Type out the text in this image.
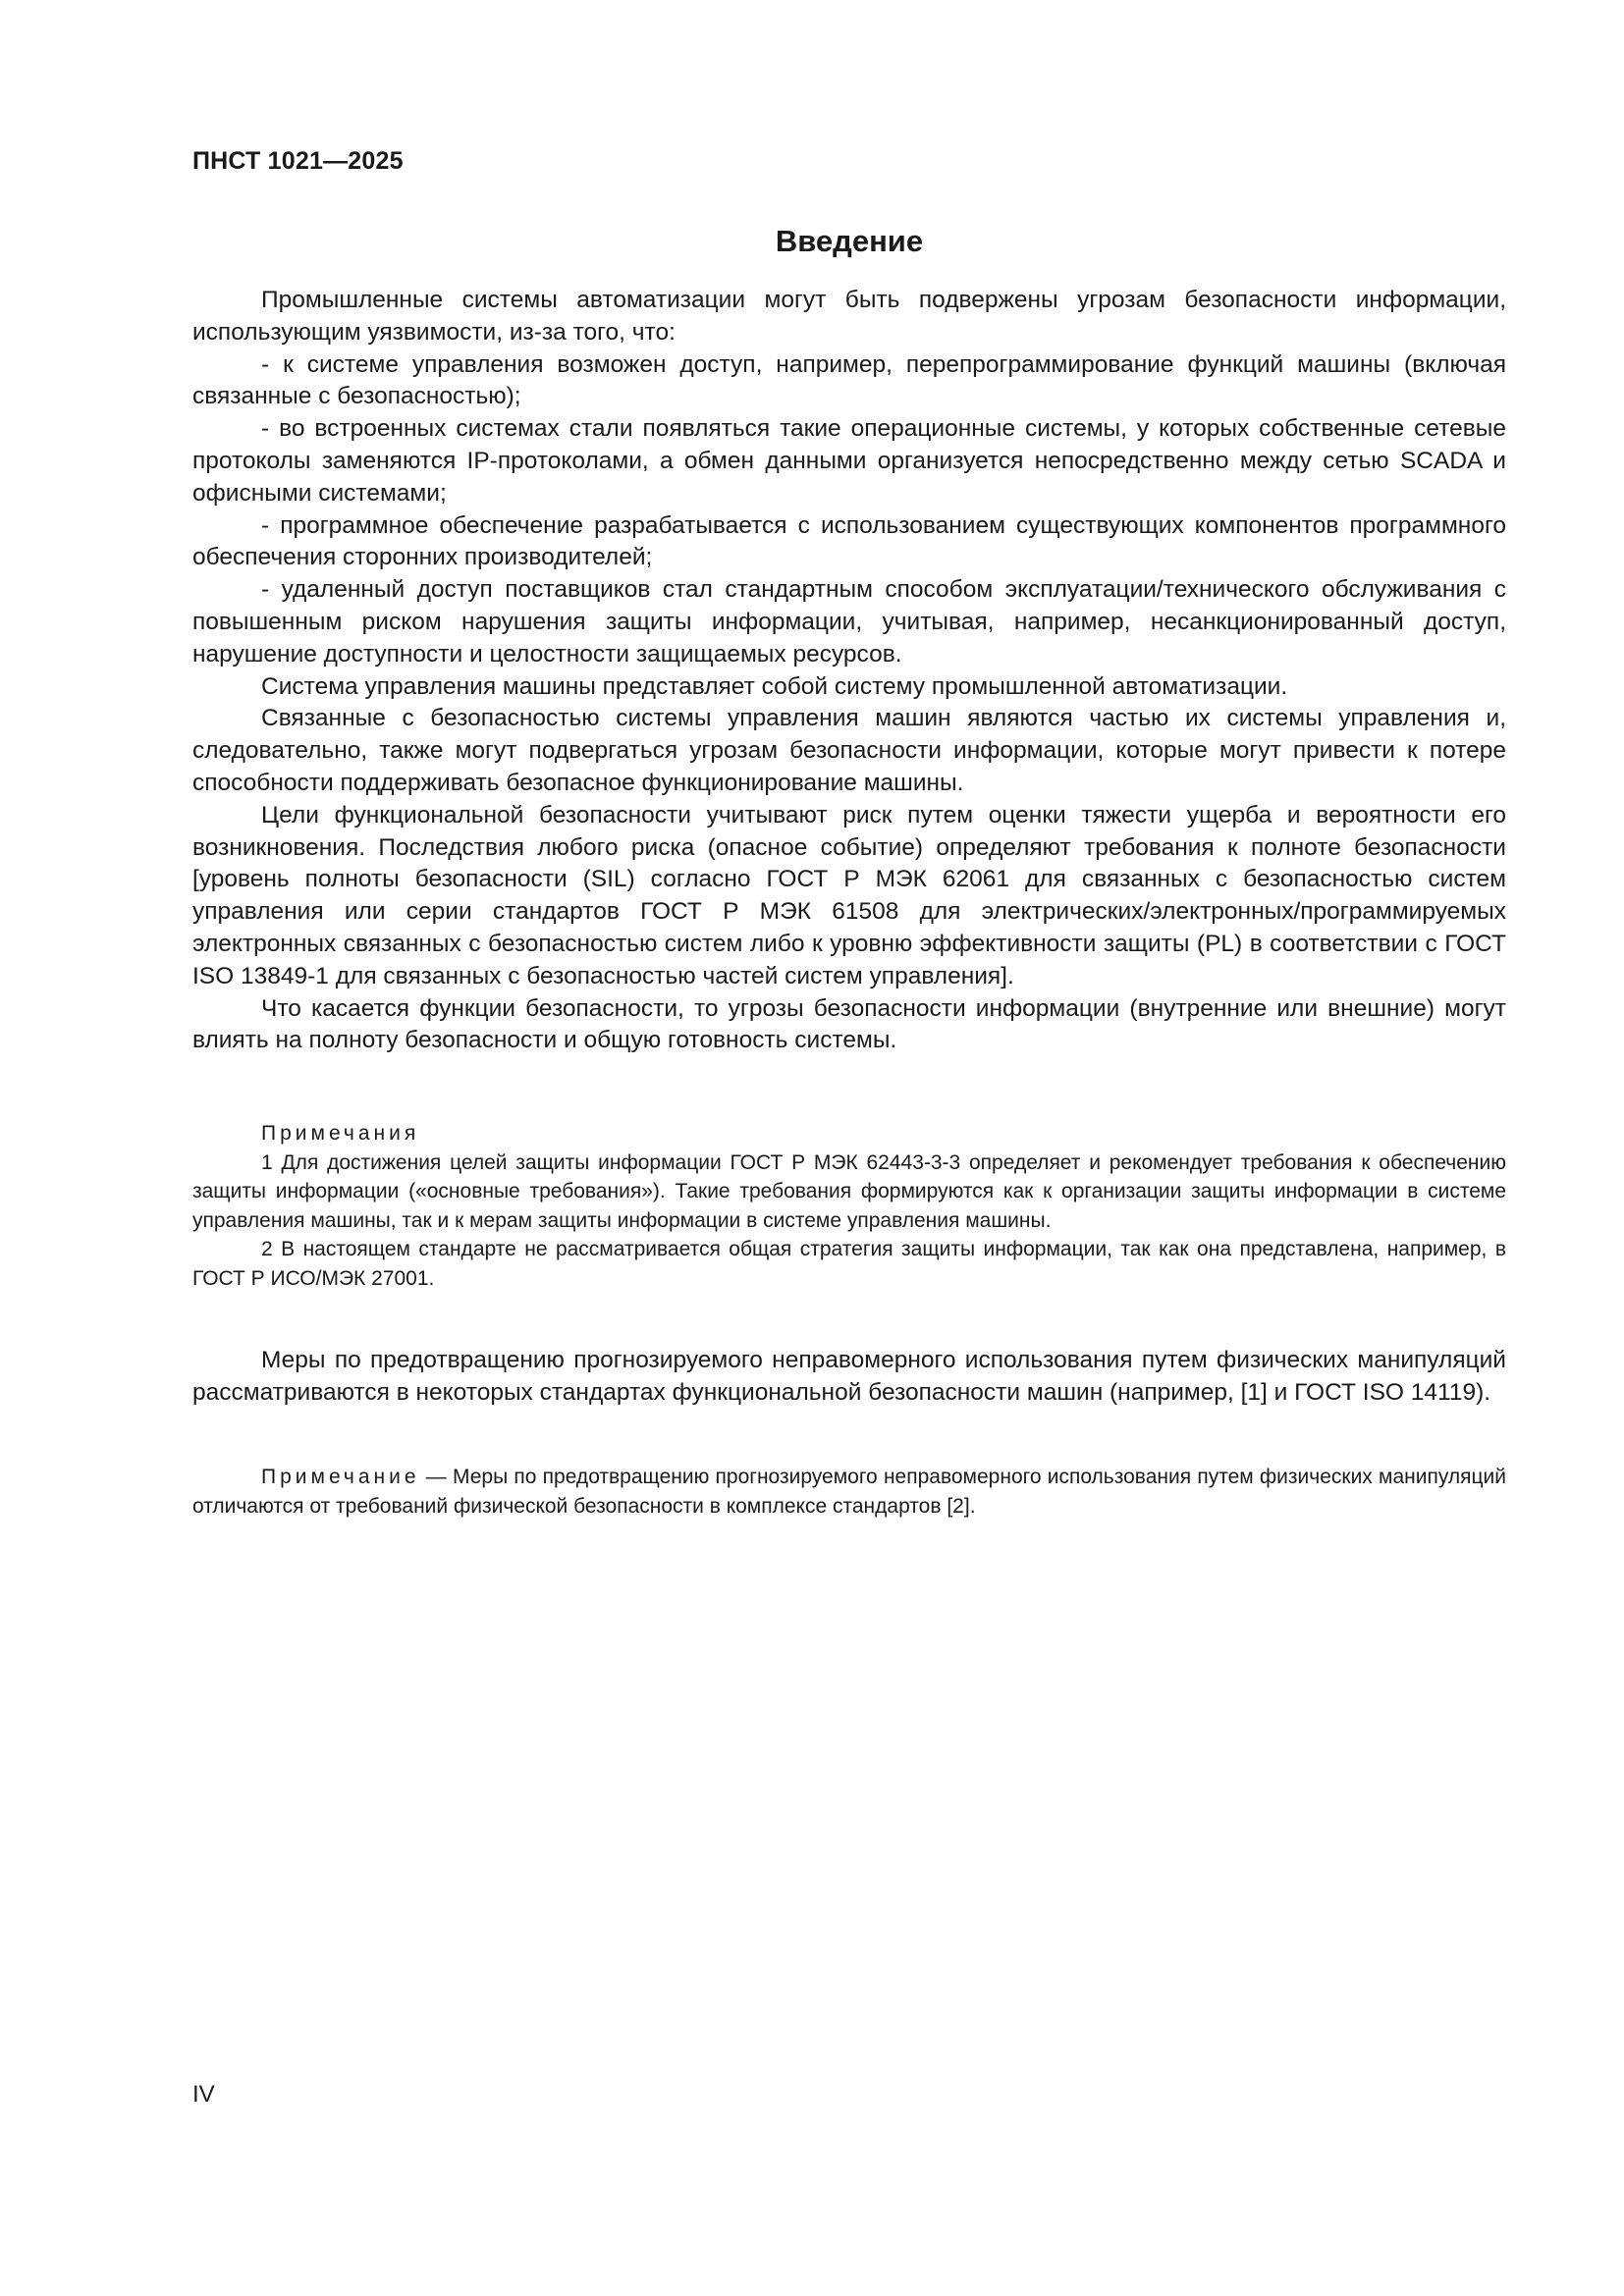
ПНСТ 1021—2025
Введение

Промышленные системы автоматизации могут быть подвержены угрозам безопасности информации, использующим уязвимости, из-за того, что:

- к системе управления возможен доступ, например, перепрограммирование функций машины (включая связанные с безопасностью);

- во встроенных системах стали появляться такие операционные системы, у которых собственные сетевые протоколы заменяются IP-протоколами, а обмен данными организуется непосредственно между сетью SCADA и офисными системами;

- программное обеспечение разрабатывается с использованием существующих компонентов программного обеспечения сторонних производителей;

- удаленный доступ поставщиков стал стандартным способом эксплуатации/технического обслуживания с повышенным риском нарушения защиты информации, учитывая, например, несанкционированный доступ, нарушение доступности и целостности защищаемых ресурсов.

Система управления машины представляет собой систему промышленной автоматизации.

Связанные с безопасностью системы управления машин являются частью их системы управления и, следовательно, также могут подвергаться угрозам безопасности информации, которые могут привести к потере способности поддерживать безопасное функционирование машины.

Цели функциональной безопасности учитывают риск путем оценки тяжести ущерба и вероятности его возникновения. Последствия любого риска (опасное событие) определяют требования к полноте безопасности [уровень полноты безопасности (SIL) согласно ГОСТ Р МЭК 62061 для связанных с безопасностью систем управления или серии стандартов ГОСТ Р МЭК 61508 для электрических/электронных/программируемых электронных связанных с безопасностью систем либо к уровню эффективности защиты (PL) в соответствии с ГОСТ ISO 13849-1 для связанных с безопасностью частей систем управления].

Что касается функции безопасности, то угрозы безопасности информации (внутренние или внешние) могут влиять на полноту безопасности и общую готовность системы.

Примечания

1 Для достижения целей защиты информации ГОСТ Р МЭК 62443-3-3 определяет и рекомендует требования к обеспечению защиты информации («основные требования»). Такие требования формируются как к организации защиты информации в системе управления машины, так и к мерам защиты информации в системе управления машины.

2 В настоящем стандарте не рассматривается общая стратегия защиты информации, так как она представлена, например, в ГОСТ Р ИСО/МЭК 27001.

Меры по предотвращению прогнозируемого неправомерного использования путем физических манипуляций рассматриваются в некоторых стандартах функциональной безопасности машин (например, [1] и ГОСТ ISO 14119).

Примечание — Меры по предотвращению прогнозируемого неправомерного использования путем физических манипуляций отличаются от требований физической безопасности в комплексе стандартов [2].

IV
